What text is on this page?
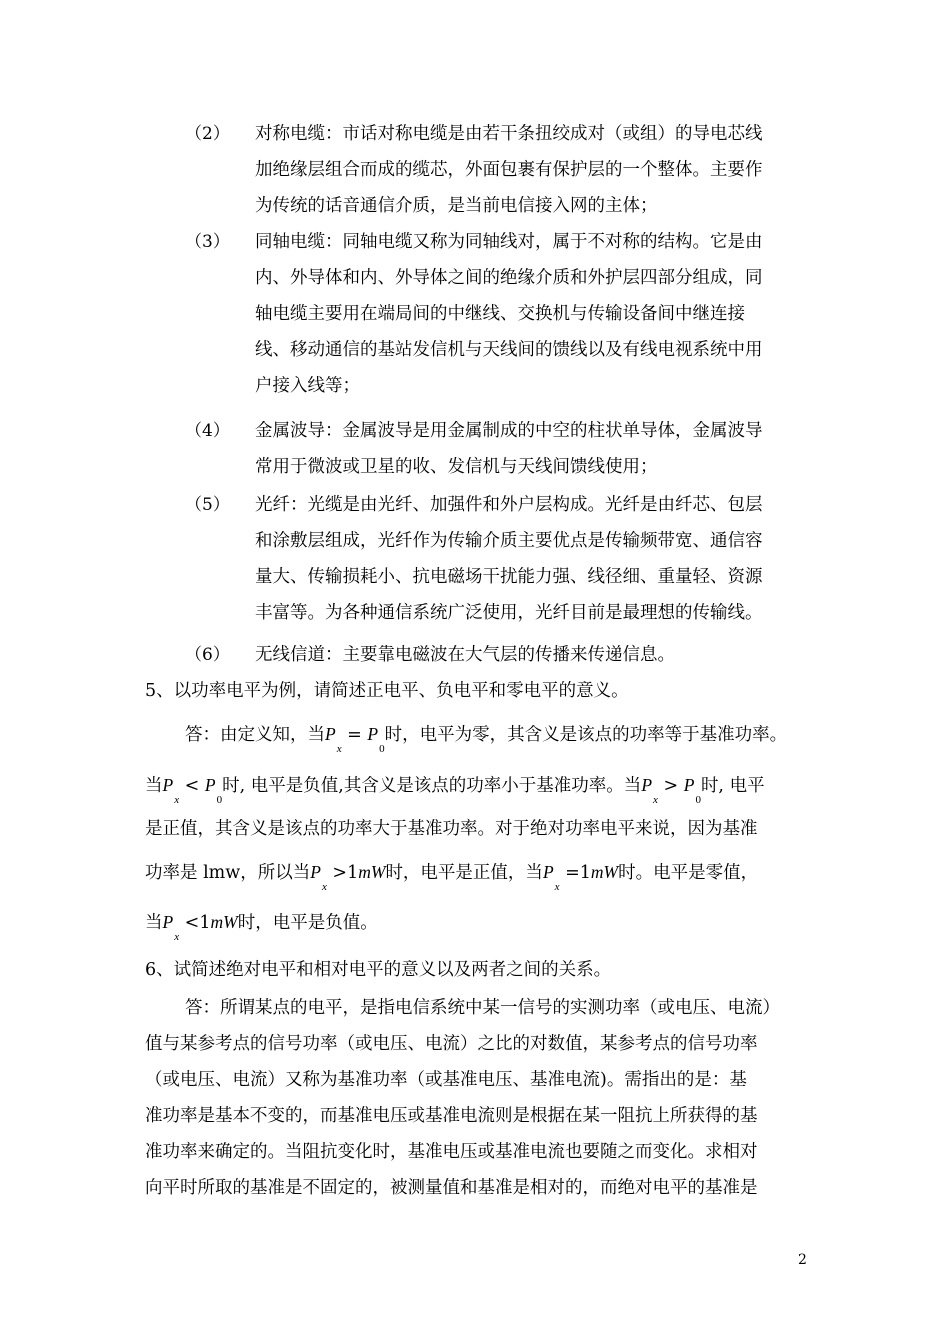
（2） 对称电缆：市话对称电缆是由若干条扭绞成对（或组）的导电芯线
加绝缘层组合而成的缆芯，外面包裹有保护层的一个整体。主要作
为传统的话音通信介质，是当前电信接入网的主体；
（3） 同轴电缆：同轴电缆又称为同轴线对，属于不对称的结构。它是由
内、外导体和内、外导体之间的绝缘介质和外护层四部分组成，同
轴电缆主要用在端局间的中继线、交换机与传输设备间中继连接
线、移动通信的基站发信机与天线间的馈线以及有线电视系统中用
户接入线等；
（4） 金属波导：金属波导是用金属制成的中空的柱状单导体，金属波导
常用于微波或卫星的收、发信机与天线间馈线使用；
（5） 光纤：光缆是由光纤、加强件和外户层构成。光纤是由纤芯、包层
和涂敷层组成，光纤作为传输介质主要优点是传输频带宽、通信容
量大、传输损耗小、抗电磁场干扰能力强、线径细、重量轻、资源
丰富等。为各种通信系统广泛使用，光纤目前是最理想的传输线。
（6） 无线信道：主要靠电磁波在大气层的传播来传递信息。
5、以功率电平为例，请简述正电平、负电平和零电平的意义。
答：由定义知，当$P_x = P_0$时，电平为零，其含义是该点的功率等于基准功率。
当$P_x < P_0$时, 电平是负值,其含义是该点的功率小于基准功率。当$P_x > P_0$时, 电平
是正值，其含义是该点的功率大于基准功率。对于绝对功率电平来说，因为基准
功率是 lmw，所以当$P_x >1mW$时，电平是正值，当$P_x =1mW$时。电平是零值，
当$P_x <1mW$时，电平是负值。
6、试简述绝对电平和相对电平的意义以及两者之间的关系。
答：所谓某点的电平，是指电信系统中某一信号的实测功率（或电压、电流）
值与某参考点的信号功率（或电压、电流）之比的对数值，某参考点的信号功率
（或电压、电流）又称为基准功率（或基准电压、基准电流)。需指出的是：基
准功率是基本不变的，而基准电压或基准电流则是根据在某一阻抗上所获得的基
准功率来确定的。当阻抗变化时，基准电压或基准电流也要随之而变化。求相对
向平时所取的基准是不固定的，被测量值和基准是相对的，而绝对电平的基准是
2
